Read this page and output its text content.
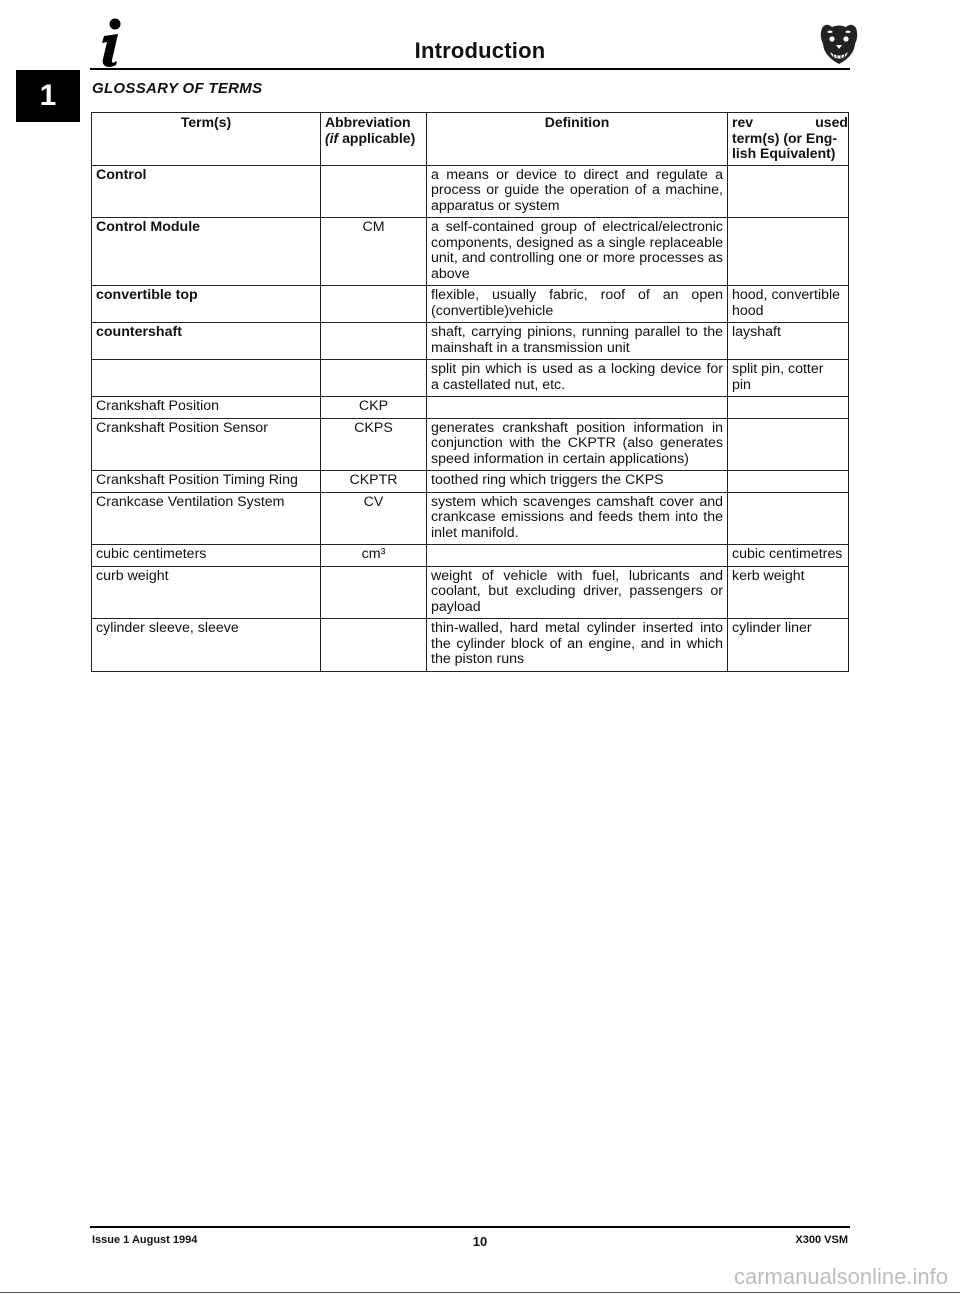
Introduction
1	GLOSSARY OF TERMS
Term(s)	Abbreviation
(if applicable)	Definition	rev                used
term(s) (or Eng-
lish Equivalent)
Control		a means or device to direct and regulate a process or guide the operation of a machine, apparatus or system	
Control Module	CM	a self-contained group of electrical/electronic components, designed as a single replaceable unit, and controlling one or more processes as above	
convertible top		flexible, usually fabric, roof of an open (convertible)vehicle	hood, convertible hood
countershaft		shaft, carrying pinions, running parallel to the mainshaft in a transmission unit	layshaft
		split pin which is used as a locking device for a castellated nut, etc.	split pin, cotter pin
Crankshaft Position	CKP		
Crankshaft Position Sensor	CKPS	generates crankshaft position information in conjunction with the CKPTR (also generates speed information in certain applications)	
Crankshaft Position Timing Ring	CKPTR	toothed ring which triggers the CKPS	
Crankcase Ventilation System	CV	system which scavenges camshaft cover and crankcase emissions and feeds them into the inlet manifold.	
cubic centimeters	cm³		cubic centimetres
curb weight		weight of vehicle with fuel, lubricants and coolant, but excluding driver, passengers or payload	kerb weight
cylinder sleeve, sleeve		thin-walled, hard metal cylinder inserted into the cylinder block of an engine, and in which the piston runs	cylinder liner
Issue 1 August 1994	10	X300 VSM
carmanualsonline.info
